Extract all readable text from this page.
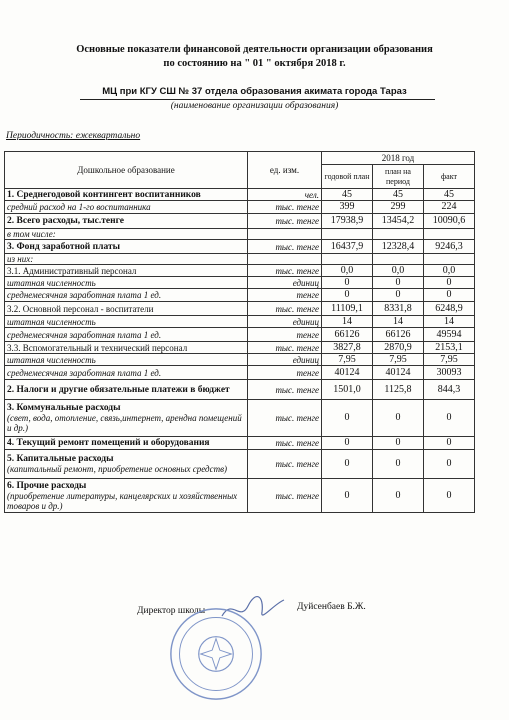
Основные показатели финансовой деятельности организации образования
по состоянию на " 01 " октября 2018 г.
МЦ при КГУ СШ № 37 отдела образования акимата города Тараз
(наименование организации образования)
Периодичность: ежеквартально
Дошкольное образование	ед. изм.	2018 год		
		годовой план	план на период	факт

1. Среднегодовой контингент воспитанников	чел.	45	45	45

средний расход на 1-го воспитанника	тыс. тенге	399	299	224

2. Всего расходы, тыс.тенге	тыс. тенге	17938,9	13454,2	10090,6

в том числе:				

3. Фонд заработной платы	тыс. тенге	16437,9	12328,4	9246,3

из них:				

3.1. Административный персонал	тыс. тенге	0,0	0,0	0,0

штатная численность	единиц	0	0	0

среднемесячная заработная плата 1 ед.	тенге	0	0	0

3.2. Основной персонал - воспитатели	тыс. тенге	11109,1	8331,8	6248,9

штатная численность	единиц	14	14	14

среднемесячная заработная плата 1 ед.	тенге	66126	66126	49594

3.3. Вспомогательный и технический персонал	тыс. тенге	3827,8	2870,9	2153,1

штатная численность	единиц	7,95	7,95	7,95

среднемесячная заработная плата 1 ед.	тенге	40124	40124	30093

2. Налоги и другие обязательные платежи в бюджет	тыс. тенге	1501,0	1125,8	844,3

3. Коммунальные расходы
(свет, вода, отопление, связь,интернет, арендна помещений и др.)	тыс. тенге	0	0	0

4. Текущий ремонт помещений и оборудования	тыс. тенге	0	0	0

5. Капитальные расходы
(капитальный ремонт, приобретение основных средств)	тыс. тенге	0	0	0

6. Прочие расходы
(приобретение литературы, канцелярских и хозяйственных товаров и др.)	тыс. тенге	0	0	0
Директор школы	Дуйсенбаев Б.Ж.
